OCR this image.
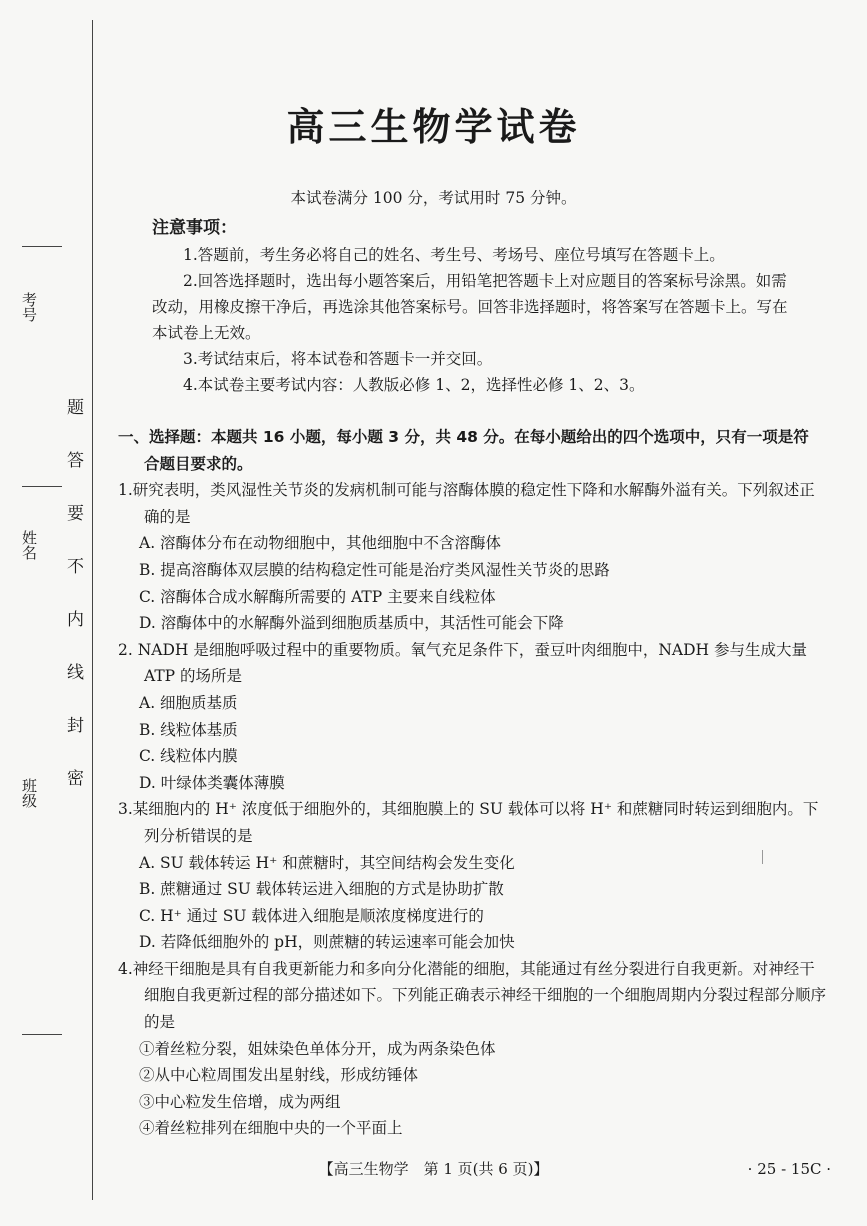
考号
姓名
班级 题答要不内线封密
高三生物学试卷
本试卷满分 100 分，考试用时 75 分钟。
注意事项：

1.答题前，考生务必将自己的姓名、考生号、考场号、座位号填写在答题卡上。

2.回答选择题时，选出每小题答案后，用铅笔把答题卡上对应题目的答案标号涂黑。如需改动，用橡皮擦干净后，再选涂其他答案标号。回答非选择题时，将答案写在答题卡上。写在本试卷上无效。

3.考试结束后，将本试卷和答题卡一并交回。

4.本试卷主要考试内容：人教版必修 1、2，选择性必修 1、2、3。

一、选择题：本题共 16 小题，每小题 3 分，共 48 分。在每小题给出的四个选项中，只有一项是符
合题目要求的。

1.研究表明，类风湿性关节炎的发病机制可能与溶酶体膜的稳定性下降和水解酶外溢有关。下列叙述正确的是

A. 溶酶体分布在动物细胞中，其他细胞中不含溶酶体

B. 提高溶酶体双层膜的结构稳定性可能是治疗类风湿性关节炎的思路

C. 溶酶体合成水解酶所需要的 ATP 主要来自线粒体

D. 溶酶体中的水解酶外溢到细胞质基质中，其活性可能会下降

2. NADH 是细胞呼吸过程中的重要物质。氧气充足条件下，蚕豆叶肉细胞中，NADH 参与生成大量 ATP 的场所是

A. 细胞质基质

B. 线粒体基质

C. 线粒体内膜

D. 叶绿体类囊体薄膜

3.某细胞内的 H⁺ 浓度低于细胞外的，其细胞膜上的 SU 载体可以将 H⁺ 和蔗糖同时转运到细胞内。下列分析错误的是

A. SU 载体转运 H⁺ 和蔗糖时，其空间结构会发生变化

B. 蔗糖通过 SU 载体转运进入细胞的方式是协助扩散

C. H⁺ 通过 SU 载体进入细胞是顺浓度梯度进行的

D. 若降低细胞外的 pH，则蔗糖的转运速率可能会加快

4.神经干细胞是具有自我更新能力和多向分化潜能的细胞，其能通过有丝分裂进行自我更新。对神经干细胞自我更新过程的部分描述如下。下列能正确表示神经干细胞的一个细胞周期内分裂过程部分顺序的是

①着丝粒分裂，姐妹染色单体分开，成为两条染色体

②从中心粒周围发出星射线，形成纺锤体

③中心粒发生倍增，成为两组

④着丝粒排列在细胞中央的一个平面上

【高三生物学　第 1 页(共 6 页)】	· 25 - 15C ·
